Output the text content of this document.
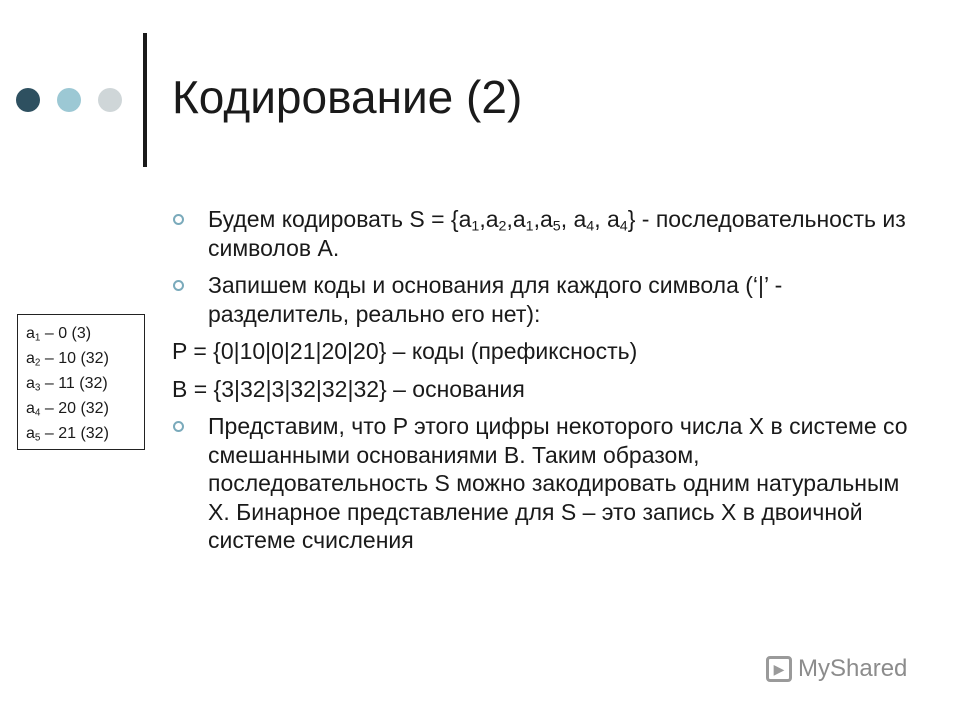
Кодирование (2)
Будем кодировать $S = \{a_1,a_2,a_1,a_5$, $a_4$, $a_4$} - последовательность из символов A.
Запишем коды и основания для каждого символа (‘|’ - разделитель, реально его нет):
P = {0|10|0|21|20|20} – коды (префиксность)
B = {3|32|3|32|32|32} – основания
Представим, что P этого цифры некоторого числа X в системе со смешанными основаниями B. Таким образом, последовательность S можно закодировать одним натуральным X. Бинарное представление для S – это запись X в двоичной системе счисления
$a_1 - 0$ (3)
$a_2 - 10$ (32)
$a_3 - 11$ (32)
$a_4 - 20$ (32)
$a_5 - 21$ (32)
▶ MyShared
